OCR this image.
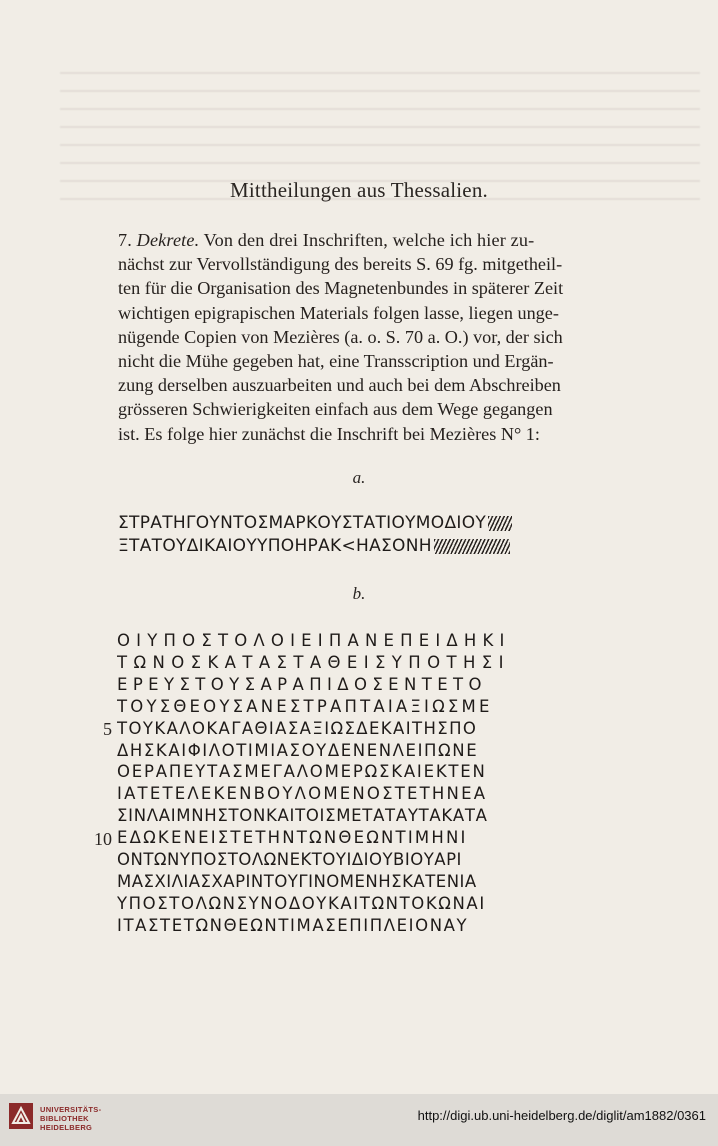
Mittheilungen aus Thessalien.
7. Dekrete. Von den drei Inschriften, welche ich hier zu-
nächst zur Vervollständigung des bereits S. 69 fg. mitgetheil-
ten für die Organisation des Magnetenbundes in späterer Zeit
wichtigen epigrapischen Materials folgen lasse, liegen unge-
nügende Copien von Mezières (a. o. S. 70 a. O.) vor, der sich
nicht die Mühe gegeben hat, eine Transscription und Ergän-
zung derselben auszuarbeiten und auch bei dem Abschreiben
grösseren Schwierigkeiten einfach aus dem Wege gegangen
ist. Es folge hier zunächst die Inschrift bei Mezières N° 1:
a.
ΣΤΡΑΤΗΓΟΥΝΤΟΣΜΑΡΚΟΥΣΤΑΤΙΟΥΜΟΔΙΟΥ
ΞΤΑΤΟΥΔΙΚΑΙΟΥΥΠΟΗΡΑΚ<ΗΑΣΟΝΗ
b.
ΟΙΥΠΟΣΤΟΛΟΙΕΙΠΑΝΕΠΕΙΔΗΚΙ
ΤΩΝΟΣΚΑΤΑΣΤΑΘΕΙΣΥΠΟΤΗΣΙ
ΕΡΕΥΣΤΟΥΣΑΡΑΠΙΔΟΣΕΝΤΕΤΟ
ΤΟΥΣΘΕΟΥΣΑΝΕΣΤΡΑΠΤΑΙΑΞΙΩΣΜΕ
ΤΟΥΚΑΛΟΚΑΓΑΘΙΑΣΑΞΙΩΣΔΕΚΑΙΤΗΣΠΟ
ΔΗΣΚΑΙΦΙΛΟΤΙΜΙΑΣΟΥΔΕΝΕΝΛΕΙΠΩΝΕ
ΟΕΡΑΠΕΥΤΑΣΜΕΓΑΛΟΜΕΡΩΣΚΑΙΕΚΤΕΝ
ΙΑΤΕΤΕΛΕΚΕΝΒΟΥΛΟΜΕΝΟΣΤΕΤΗΝΕΑ
ΣΙΝΛΑΙΜΝΗΣΤΟΝΚΑΙΤΟΙΣΜΕΤΑΤΑΥΤΑΚΑΤΑ
ΕΔΩΚΕΝΕΙΣΤΕΤΗΝΤΩΝΘΕΩΝΤΙΜΗΝΙ
ΟΝΤΩΝΥΠΟΣΤΟΛΩΝΕΚΤΟΥΙΔΙΟΥΒΙΟΥΑΡΙ
ΜΑΣΧΙΛΙΑΣΧΑΡΙΝΤΟΥΓΙΝΟΜΕΝΗΣΚΑΤΕΝΙΑ
ΥΠΟΣΤΟΛΩΝΣΥΝΟΔΟΥΚΑΙΤΩΝΤΟΚΩΝΑΙ
ΙΤΑΣΤΕΤΩΝΘΕΩΝΤΙΜΑΣΕΠΙΠΛΕΙΟΝΑΥ
5
10
UNIVERSITÄTS-
BIBLIOTHEK
HEIDELBERG
http://digi.ub.uni-heidelberg.de/diglit/am1882/0361
